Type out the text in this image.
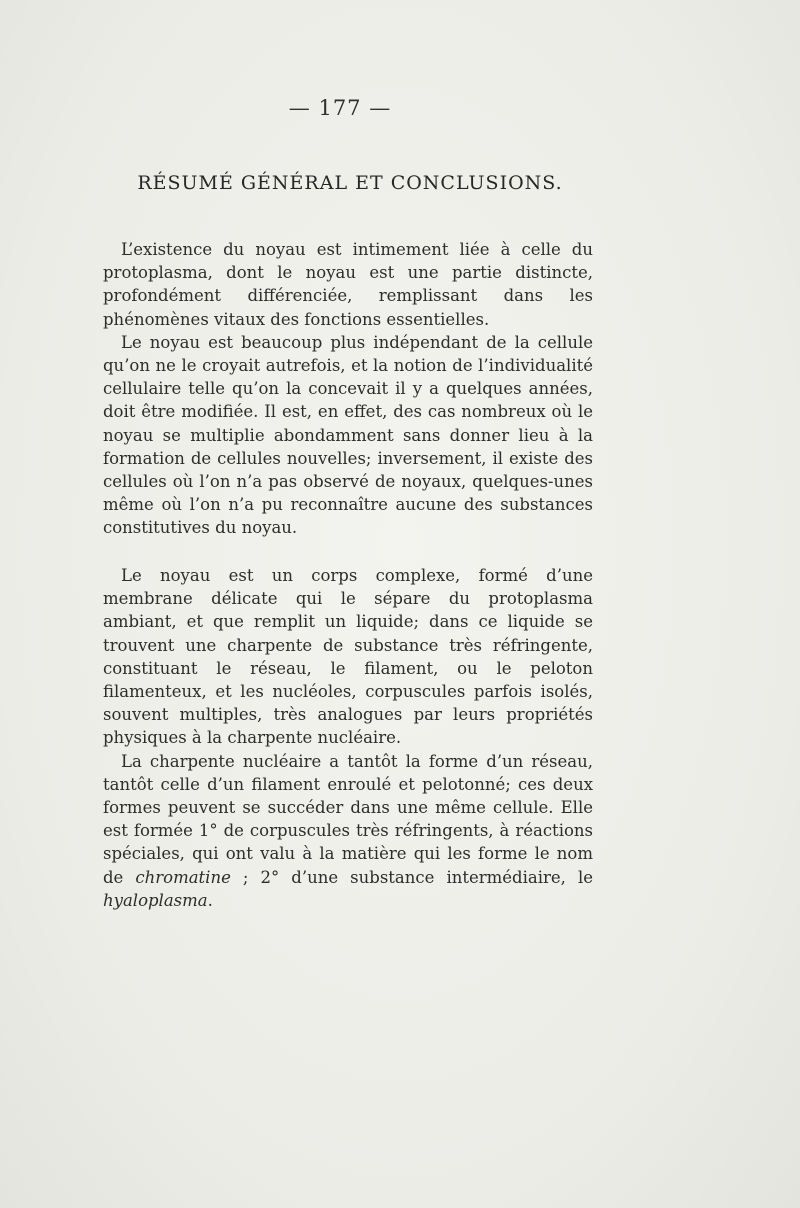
— 177 —
RÉSUMÉ GÉNÉRAL ET CONCLUSIONS.

L’existence du noyau est intimement liée à celle du protoplasma, dont le noyau est une partie distincte, profondément différenciée, remplissant dans les phénomènes vitaux des fonctions essentielles.

Le noyau est beaucoup plus indépendant de la cellule qu’on ne le croyait autrefois, et la notion de l’individualité cellulaire telle qu’on la concevait il y a quelques années, doit être modifiée. Il est, en effet, des cas nombreux où le noyau se multiplie abondamment sans donner lieu à la formation de cellules nouvelles; inversement, il existe des cellules où l’on n’a pas observé de noyaux, quelques-unes même où l’on n’a pu reconnaître aucune des substances constitutives du noyau.

Le noyau est un corps complexe, formé d’une membrane délicate qui le sépare du protoplasma ambiant, et que remplit un liquide; dans ce liquide se trouvent une charpente de substance très réfringente, constituant le réseau, le filament, ou le peloton filamenteux, et les nucléoles, corpuscules parfois isolés, souvent multiples, très analogues par leurs propriétés physiques à la charpente nucléaire.

La charpente nucléaire a tantôt la forme d’un réseau, tantôt celle d’un filament enroulé et pelotonné; ces deux formes peuvent se succéder dans une même cellule. Elle est formée 1° de corpuscules très réfringents, à réactions spéciales, qui ont valu à la matière qui les forme le nom de chromatine ; 2° d’une substance intermédiaire, le hyaloplasma.
